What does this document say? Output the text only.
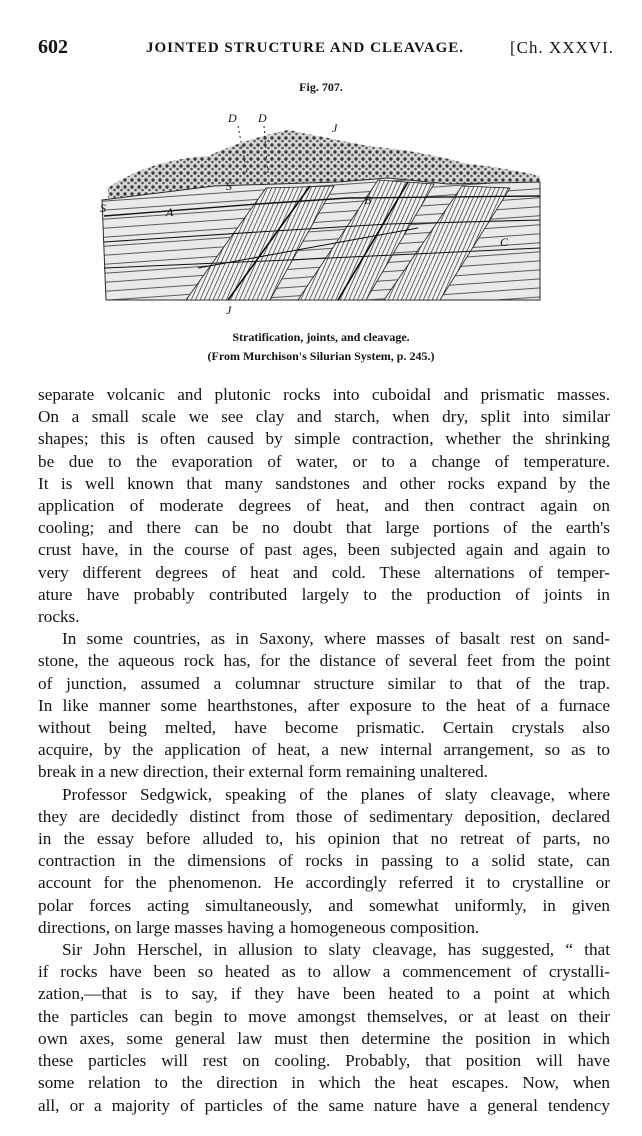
602	JOINTED STRUCTURE AND CLEAVAGE.	[Ch. XXXVI.
Fig. 707.
D D
J
S
S
A
B
C
J
Stratification, joints, and cleavage.
(From Murchison's Silurian System, p. 245.)
separate volcanic and plutonic rocks into cuboidal and prismatic masses.
On a small scale we see clay and starch, when dry, split into similar
shapes; this is often caused by simple contraction, whether the shrinking
be due to the evaporation of water, or to a change of temperature.
It is well known that many sandstones and other rocks expand by the
application of moderate degrees of heat, and then contract again on
cooling; and there can be no doubt that large portions of the earth's
crust have, in the course of past ages, been subjected again and again to
very different degrees of heat and cold. These alternations of temper-
ature have probably contributed largely to the production of joints in
rocks.
In some countries, as in Saxony, where masses of basalt rest on sand-
stone, the aqueous rock has, for the distance of several feet from the point
of junction, assumed a columnar structure similar to that of the trap.
In like manner some hearthstones, after exposure to the heat of a furnace
without being melted, have become prismatic. Certain crystals also
acquire, by the application of heat, a new internal arrangement, so as to
break in a new direction, their external form remaining unaltered.
Professor Sedgwick, speaking of the planes of slaty cleavage, where
they are decidedly distinct from those of sedimentary deposition, declared
in the essay before alluded to, his opinion that no retreat of parts, no
contraction in the dimensions of rocks in passing to a solid state, can
account for the phenomenon. He accordingly referred it to crystalline or
polar forces acting simultaneously, and somewhat uniformly, in given
directions, on large masses having a homogeneous composition.
Sir John Herschel, in allusion to slaty cleavage, has suggested, “ that
if rocks have been so heated as to allow a commencement of crystalli-
zation,—that is to say, if they have been heated to a point at which
the particles can begin to move amongst themselves, or at least on their
own axes, some general law must then determine the position in which
these particles will rest on cooling. Probably, that position will have
some relation to the direction in which the heat escapes. Now, when
all, or a majority of particles of the same nature have a general tendency
